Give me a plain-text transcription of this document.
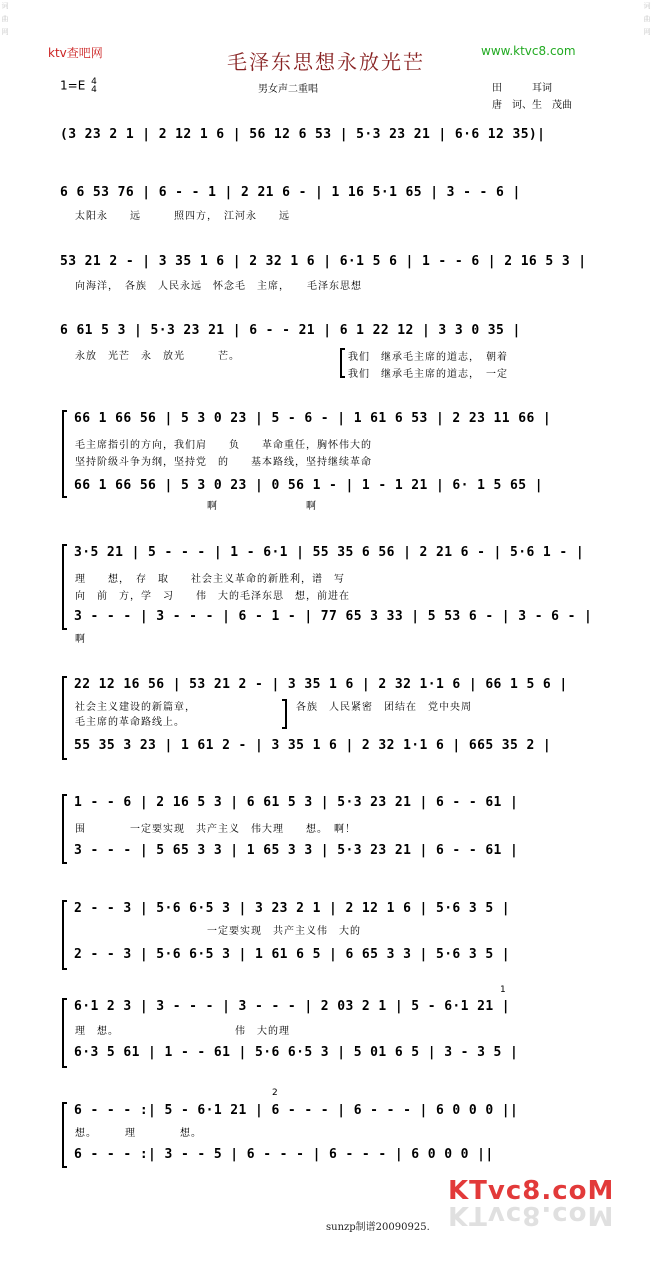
词曲网
词曲网
ktv查吧网	www.ktvc8.com
毛泽东思想永放光芒
1=E 4
4	男女声二重唱	田　　　耳词
唐　诃、生　茂曲
(3 23 2 1 | 2 12 1 6 | 56 12 6 53 | 5·3 23 21 | 6·6 12 35)|
6 6 53 76 | 6 - - 1 | 2 21 6 - | 1 16 5·1 65 | 3 - - 6 |
太阳永　　远　　　照四方，　江河永　　远
53 21 2 - | 3 35 1 6 | 2 32 1 6 | 6·1 5 6 | 1 - - 6 | 2 16 5 3 |
向海洋，　各族　人民永远　怀念毛　主席，　　毛泽东思想
6 61 5 3 | 5·3 23 21 | 6 - - 21 | 6 1 22 12 | 3 3 0 35 |
永放　光芒　永　放光　　　芒。	我们　继承毛主席的道志，　朝着
我们　继承毛主席的道志，　一定
66 1 66 56 | 5 3 0 23 | 5 - 6 - | 1 61 6 53 | 2 23 11 66 |
毛主席指引的方向，我们肩　　负　　革命重任，胸怀伟大的
坚持阶级斗争为纲，坚持党　的　　基本路线，坚持继续革命
66 1 66 56 | 5 3 0 23 | 0 56 1 - | 1 - 1 21 | 6· 1 5 65 |
　　　　　　　　　　　　啊　　　　　　　　啊
3·5 21 | 5 - - - | 1 - 6·1 | 55 35 6 56 | 2 21 6 - | 5·6 1 - |
理　　想，　存　取　　社会主义革命的新胜利，谱　写
向　前　方，学　习　　伟　大的毛泽东思　想，前进在
3 - - - | 3 - - - | 6 - 1 - | 77 65 3 33 | 5 53 6 - | 3 - 6 - |
啊
22 12 16 56 | 53 21 2 - | 3 35 1 6 | 2 32 1·1 6 | 66 1 5 6 |
社会主义建设的新篇章，
毛主席的革命路线上。
各族　人民紧密　团结在　党中央周
55 35 3 23 | 1 61 2 - | 3 35 1 6 | 2 32 1·1 6 | 665 35 2 |
1 - - 6 | 2 16 5 3 | 6 61 5 3 | 5·3 23 21 | 6 - - 61 |
围　　　　一定要实现　共产主义　伟大理　　想。　啊！
3 - - - | 5 65 3 3 | 1 65 3 3 | 5·3 23 21 | 6 - - 61 |
2 - - 3 | 5·6 6·5 3 | 3 23 2 1 | 2 12 1 6 | 5·6 3 5 |
　　　　　　　　　　　　一定要实现　共产主义伟　大的
2 - - 3 | 5·6 6·5 3 | 1 61 6 5 | 6 65 3 3 | 5·6 3 5 |
1
6·1 2 3 | 3 - - - | 3 - - - | 2 03 2 1 | 5 - 6·1 21 |
理　想。　　　　　　　　　　　伟　大的理
6·3 5 61 | 1 - - 61 | 5·6 6·5 3 | 5 01 6 5 | 3 - 3 5 |
2
6 - - - :| 5 - 6·1 21 | 6 - - - | 6 - - - | 6 0 0 0 ||
想。　　　理　　　　想。
6 - - - :| 3 - - 5 | 6 - - - | 6 - - - | 6 0 0 0 ||
sunzp制谱20090925.
KTvc8.coM
KTvc8.coM
